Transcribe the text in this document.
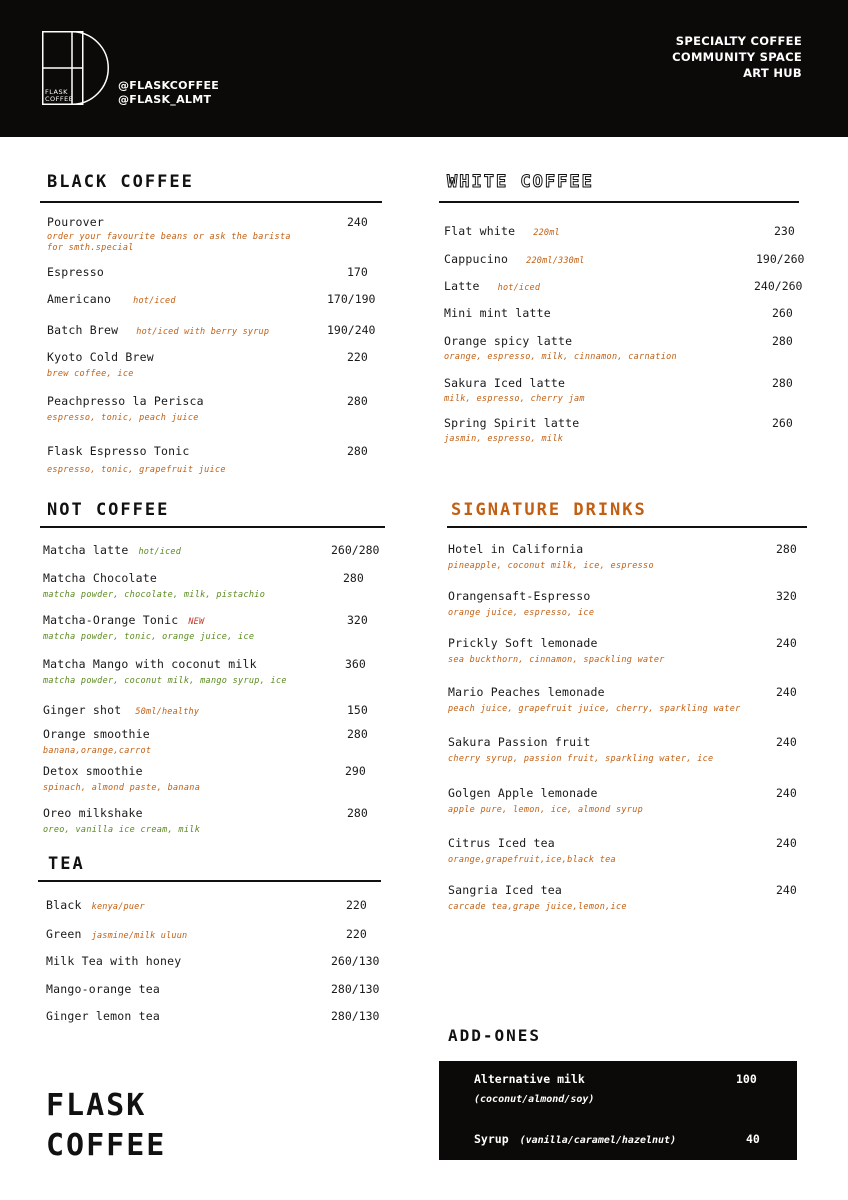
FLASK
COFFEE
@FLASKCOFFEE
@FLASK_ALMT
SPECIALTY COFFEE
COMMUNITY SPACE
ART HUB
BLACK COFFEE
Pourover	240
order your favourite beans or ask the barista
for smth.special
Espresso	170
Americano	hot/iced	170/190
Batch Brew hot/iced with berry syrup	190/240
Kyoto Cold Brew	220
brew coffee, ice
Peachpresso la Perisca	280
espresso, tonic, peach juice
Flask Espresso Tonic	280
espresso, tonic, grapefruit juice
WHITE COFFEE
Flat white 220ml	230
Cappucino 220ml/330ml	190/260
Latte hot/iced	240/260
Mini mint latte	260
Orange spicy latte	280
orange, espresso, milk, cinnamon, carnation
Sakura Iced latte	280
milk, espresso, cherry jam
Spring Spirit latte	260
jasmin, espresso, milk
NOT COFFEE
Matcha latte hot/iced	260/280
Matcha Chocolate	280
matcha powder, chocolate, milk, pistachio
Matcha-Orange Tonic NEW	320
matcha powder, tonic, orange juice, ice
Matcha Mango with coconut milk	360
matcha powder, coconut milk, mango syrup, ice
Ginger shot 50ml/healthy	150
Orange smoothie	280
banana,orange,carrot
Detox smoothie	290
spinach, almond paste, banana
Oreo milkshake	280
oreo, vanilla ice cream, milk
TEA
Black kenya/puer	220
Green jasmine/milk uluun	220
Milk Tea with honey	260/130
Mango-orange tea	280/130
Ginger lemon tea	280/130
SIGNATURE DRINKS
Hotel in California	280
pineapple, coconut milk, ice, espresso
Orangensaft-Espresso	320
orange juice, espresso, ice
Prickly Soft lemonade	240
sea buckthorn, cinnamon, spackling water
Mario Peaches lemonade	240
peach juice, grapefruit juice, cherry, sparkling water
Sakura Passion fruit	240
cherry syrup, passion fruit, sparkling water, ice
Golgen Apple lemonade	240
apple pure, lemon, ice, almond syrup
Citrus Iced tea	240
orange,grapefruit,ice,black tea
Sangria Iced tea	240
carcade tea,grape juice,lemon,ice
ADD-ONES
Alternative milk	100
(coconut/almond/soy)
Syrup (vanilla/caramel/hazelnut)	40
FLASK
COFFEE
